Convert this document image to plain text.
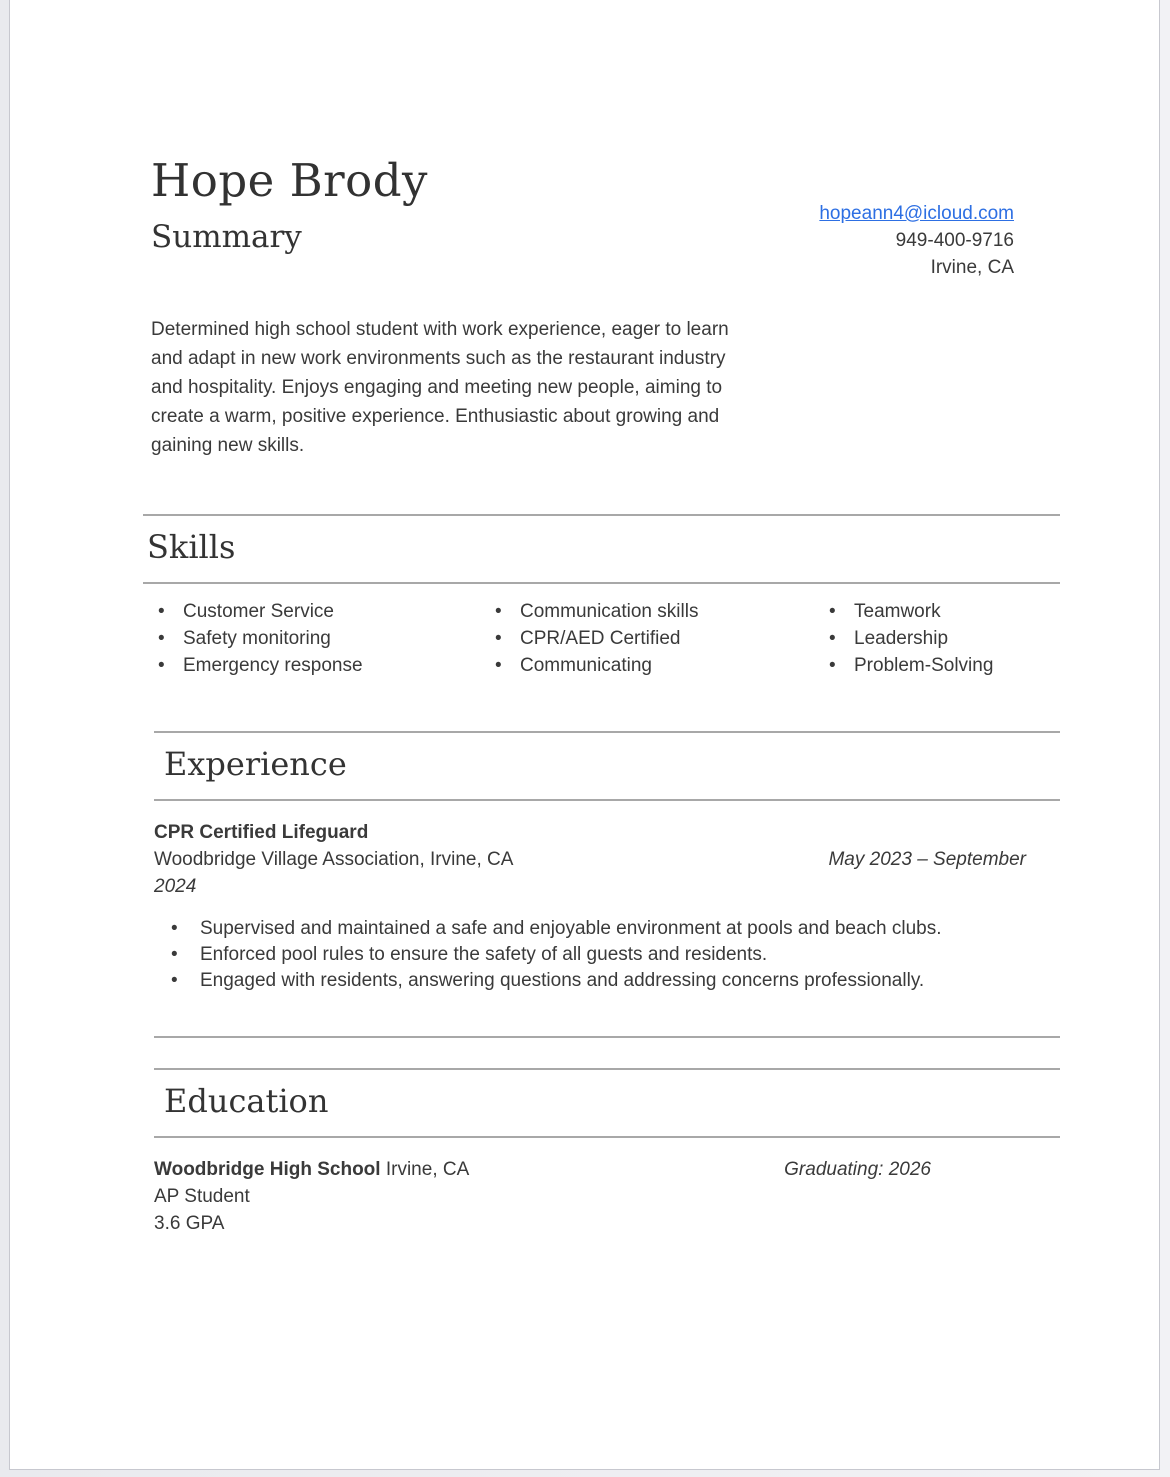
Hope Brody
Summary
hopeann4@icloud.com
949-400-9716
Irvine, CA

Determined high school student with work experience, eager to learn and adapt in new work environments such as the restaurant industry and hospitality. Enjoys engaging and meeting new people, aiming to create a warm, positive experience. Enthusiastic about growing and gaining new skills.

Skills
• Customer Service
• Safety monitoring
• Emergency response
• Communication skills
• CPR/AED Certified
• Communicating
• Teamwork
• Leadership
• Problem-Solving
Experience
CPR Certified Lifeguard
Woodbridge Village Association, Irvine, CA	May 2023 – September
2024
• Supervised and maintained a safe and enjoyable environment at pools and beach clubs.
• Enforced pool rules to ensure the safety of all guests and residents.
• Engaged with residents, answering questions and addressing concerns professionally.
Education
Woodbridge High School Irvine, CA	Graduating: 2026
AP Student
3.6 GPA
